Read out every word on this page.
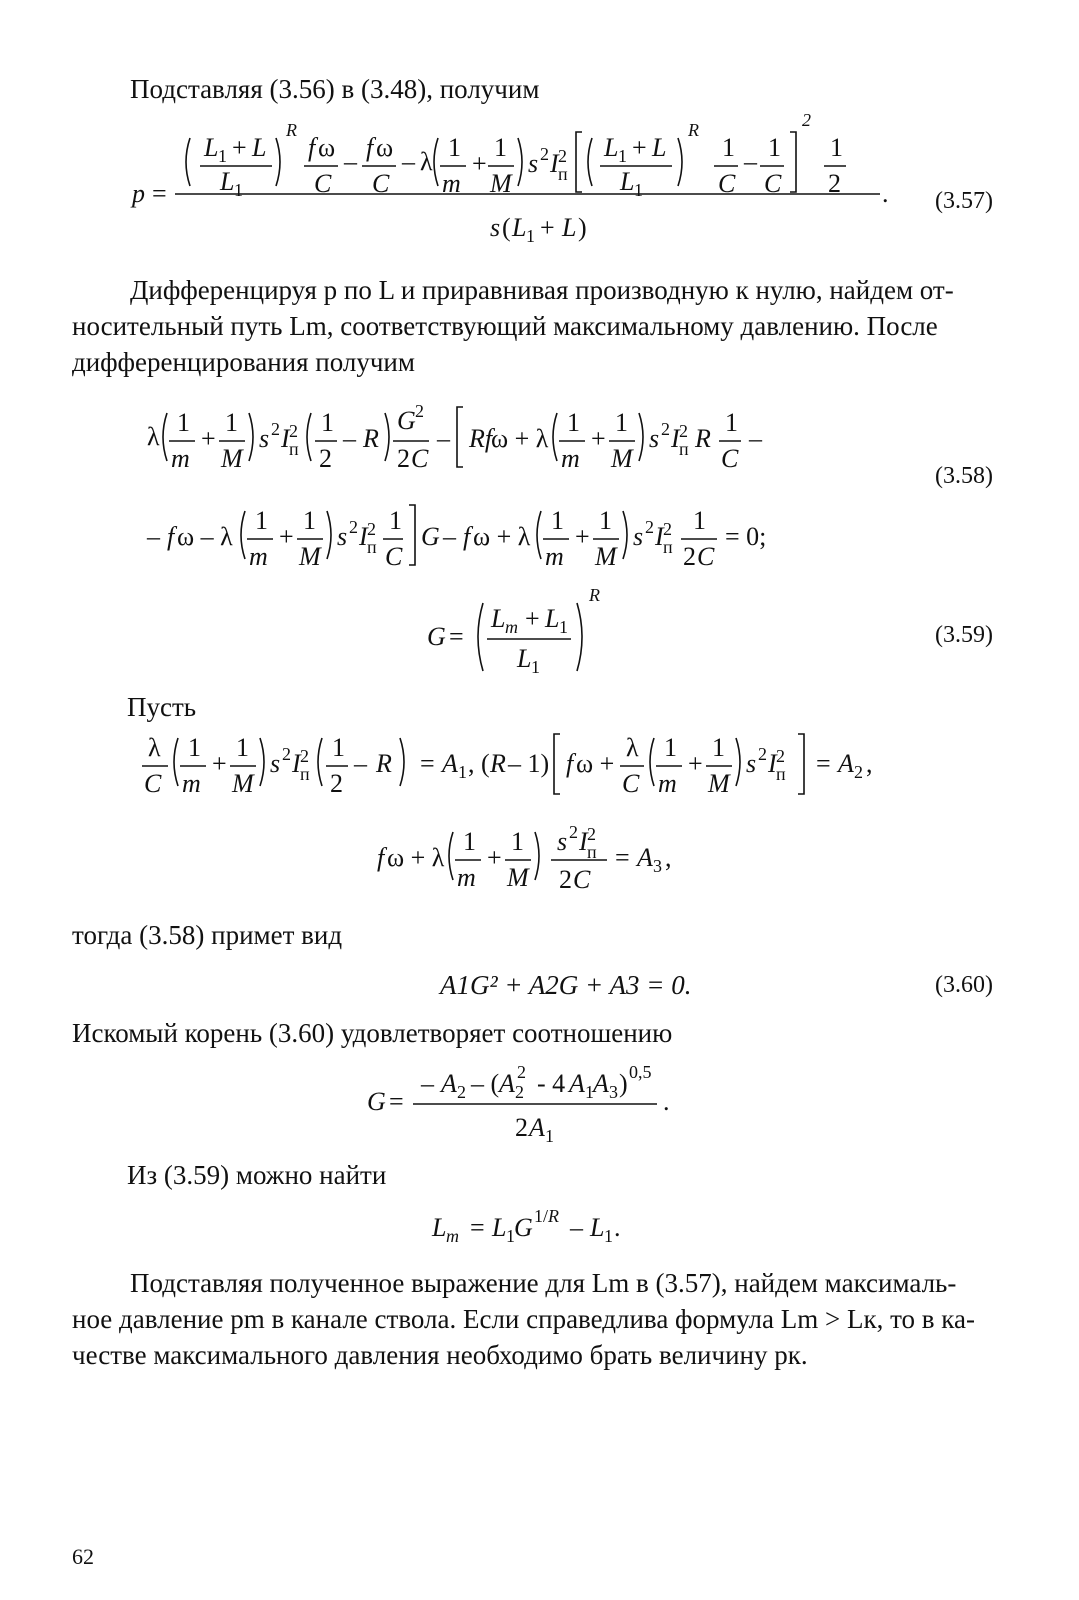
Подставляя (3.56) в (3.48), получим
p =
L 1 + L
L 1
R
f ω
C
– f ω
C
– λ 1
m
+
1
M
s 2 I 2
п
L 1 + L
L 1
R
1
C
– 1
C
2
1
2
s ( L 1 + L )
. (3.57)
Дифференцируя p по L и приравнивая производную к нулю, найдем от-
носительный путь Lm, соответствующий максимальному давлению. После
дифференцирования получим
λ 1
m
+
1
M
s 2 I 2
п
1
2
– R
G 2
2 C
– Rf
ω + λ
1
m
+
1
M
s 2 I 2
п R
1
C
–
– f ω – λ
1
m
+
1
M
s 2 I 2
п
1
C
G – f ω + λ
1
m
+
1
M
s 2 I 2
п
1
2 C
= 0;
(3.58)
G =
L m + L 1
L 1
R
(3.59)
Пусть
λ
C
1
m
+
1
M
s 2 I 2
п
1
2
– R = A 1 , ( R – 1) f ω +
λ
C
1
m
+
1
M
s 2 I 2
п = A 2 ,
f ω + λ
1
m
+
1
M
s 2 I 2
п
2 C
= A 3 ,
тогда (3.58) примет вид
A1G² + A2G + A3 = 0.	(3.60)
Искомый корень (3.60) удовлетворяет соотношению
G =
– A 2 – ( A 2
2 - 4 A 1 A 3 ) 0,5
2 A 1
.
Из (3.59) можно найти
L m = L 1 G 1/ R – L 1 .
Подставляя полученное выражение для Lm в (3.57), найдем максималь-
ное давление pm в канале ствола. Если справедлива формула Lm > Lк, то в ка-
честве максимального давления необходимо брать величину pк.
62
